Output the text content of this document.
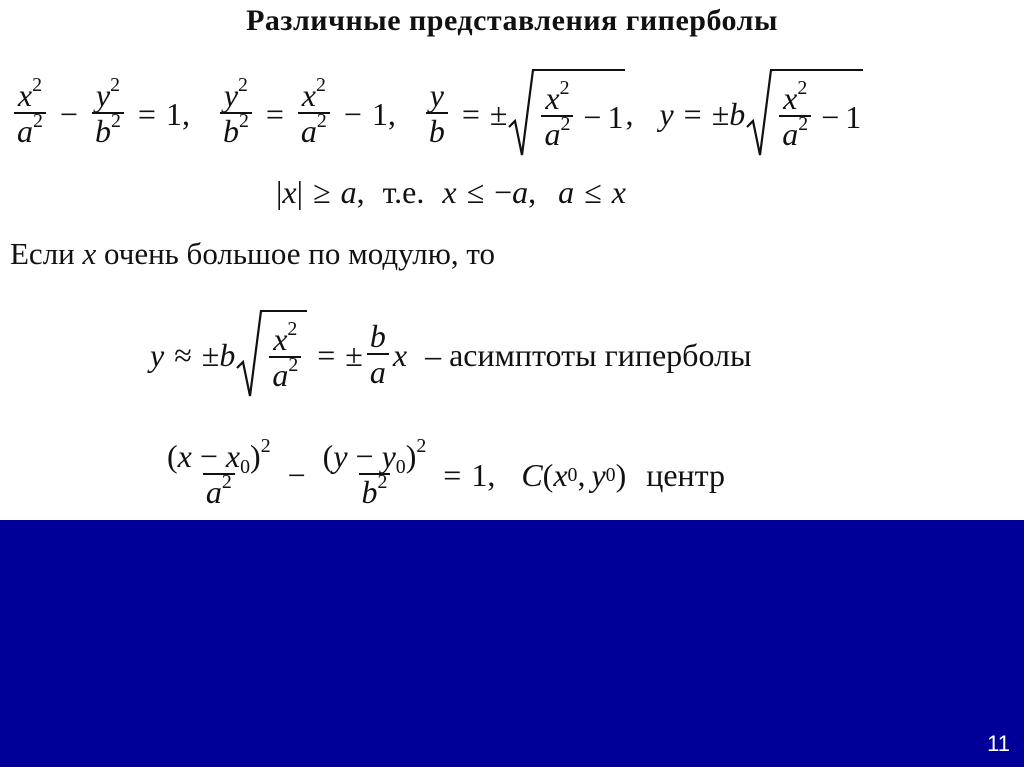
11
Различные представления гиперболы
$\frac{x^2}{a^2} - \frac{y^2}{b^2} = 1$, $\frac{y^2}{b^2} = \frac{x^2}{a^2} - 1$, $\frac{y}{b}$ = ± $\frac{x^2}{a^2} - 1$ , y = ± b $\frac{x^2}{a^2} - 1$
| x | ≥ a , т.е. x ≤ − a , a ≤ x
Если x очень большое по модулю, то
y ≈ ± b $\frac{x^2}{a^2}$ = ± $\frac{b}{a}$ x – асимптоты гиперболы
$\frac{(x - x_0)^2}{a^2} - \frac{(y - y_0)^2}{b^2} = 1$, C ( x 0 , y 0 ) центр
